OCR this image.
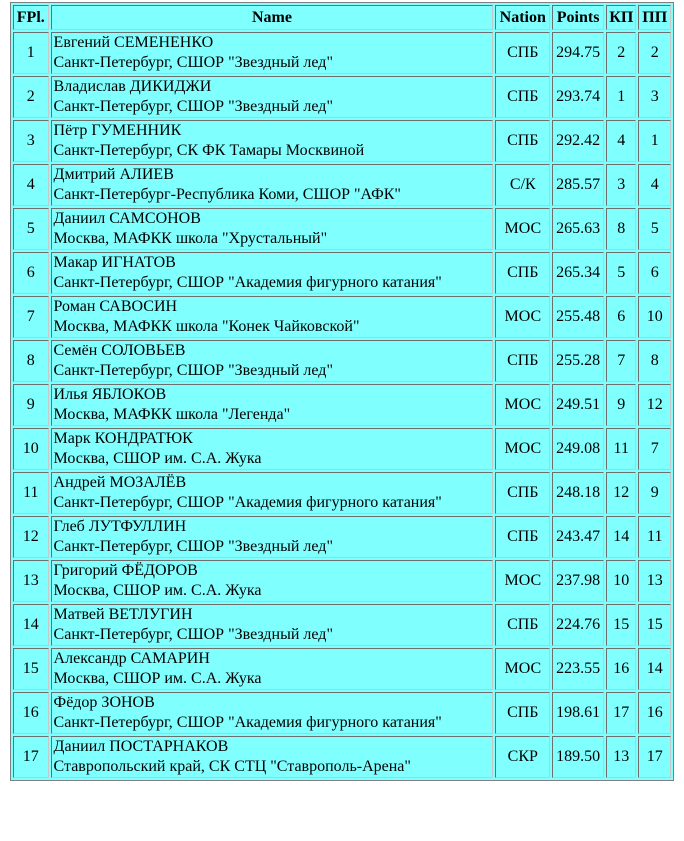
FPl.	Name	Nation	Points	КП	ПП
1	Евгений СЕМЕНЕНКО
Санкт-Петербург, СШОР "Звездный лед"	СПБ	294.75	2	2
2	Владислав ДИКИДЖИ
Санкт-Петербург, СШОР "Звездный лед"	СПБ	293.74	1	3
3	Пётр ГУМЕННИК
Санкт-Петербург, СК ФК Тамары Москвиной	СПБ	292.42	4	1
4	Дмитрий АЛИЕВ
Санкт-Петербург-Республика Коми, СШОР "АФК"	С/К	285.57	3	4
5	Даниил САМСОНОВ
Москва, МАФКК школа "Хрустальный"	МОС	265.63	8	5
6	Макар ИГНАТОВ
Санкт-Петербург, СШОР "Академия фигурного катания"	СПБ	265.34	5	6
7	Роман САВОСИН
Москва, МАФКК школа "Конек Чайковской"	МОС	255.48	6	10
8	Семён СОЛОВЬЕВ
Санкт-Петербург, СШОР "Звездный лед"	СПБ	255.28	7	8
9	Илья ЯБЛОКОВ
Москва, МАФКК школа "Легенда"	МОС	249.51	9	12
10	Марк КОНДРАТЮК
Москва, СШОР им. С.А. Жука	МОС	249.08	11	7
11	Андрей МОЗАЛЁВ
Санкт-Петербург, СШОР "Академия фигурного катания"	СПБ	248.18	12	9
12	Глеб ЛУТФУЛЛИН
Санкт-Петербург, СШОР "Звездный лед"	СПБ	243.47	14	11
13	Григорий ФЁДОРОВ
Москва, СШОР им. С.А. Жука	МОС	237.98	10	13
14	Матвей ВЕТЛУГИН
Санкт-Петербург, СШОР "Звездный лед"	СПБ	224.76	15	15
15	Александр САМАРИН
Москва, СШОР им. С.А. Жука	МОС	223.55	16	14
16	Фёдор ЗОНОВ
Санкт-Петербург, СШОР "Академия фигурного катания"	СПБ	198.61	17	16
17	Даниил ПОСТАРНАКОВ
Ставропольский край, СК СТЦ "Ставрополь-Арена"	СКР	189.50	13	17
